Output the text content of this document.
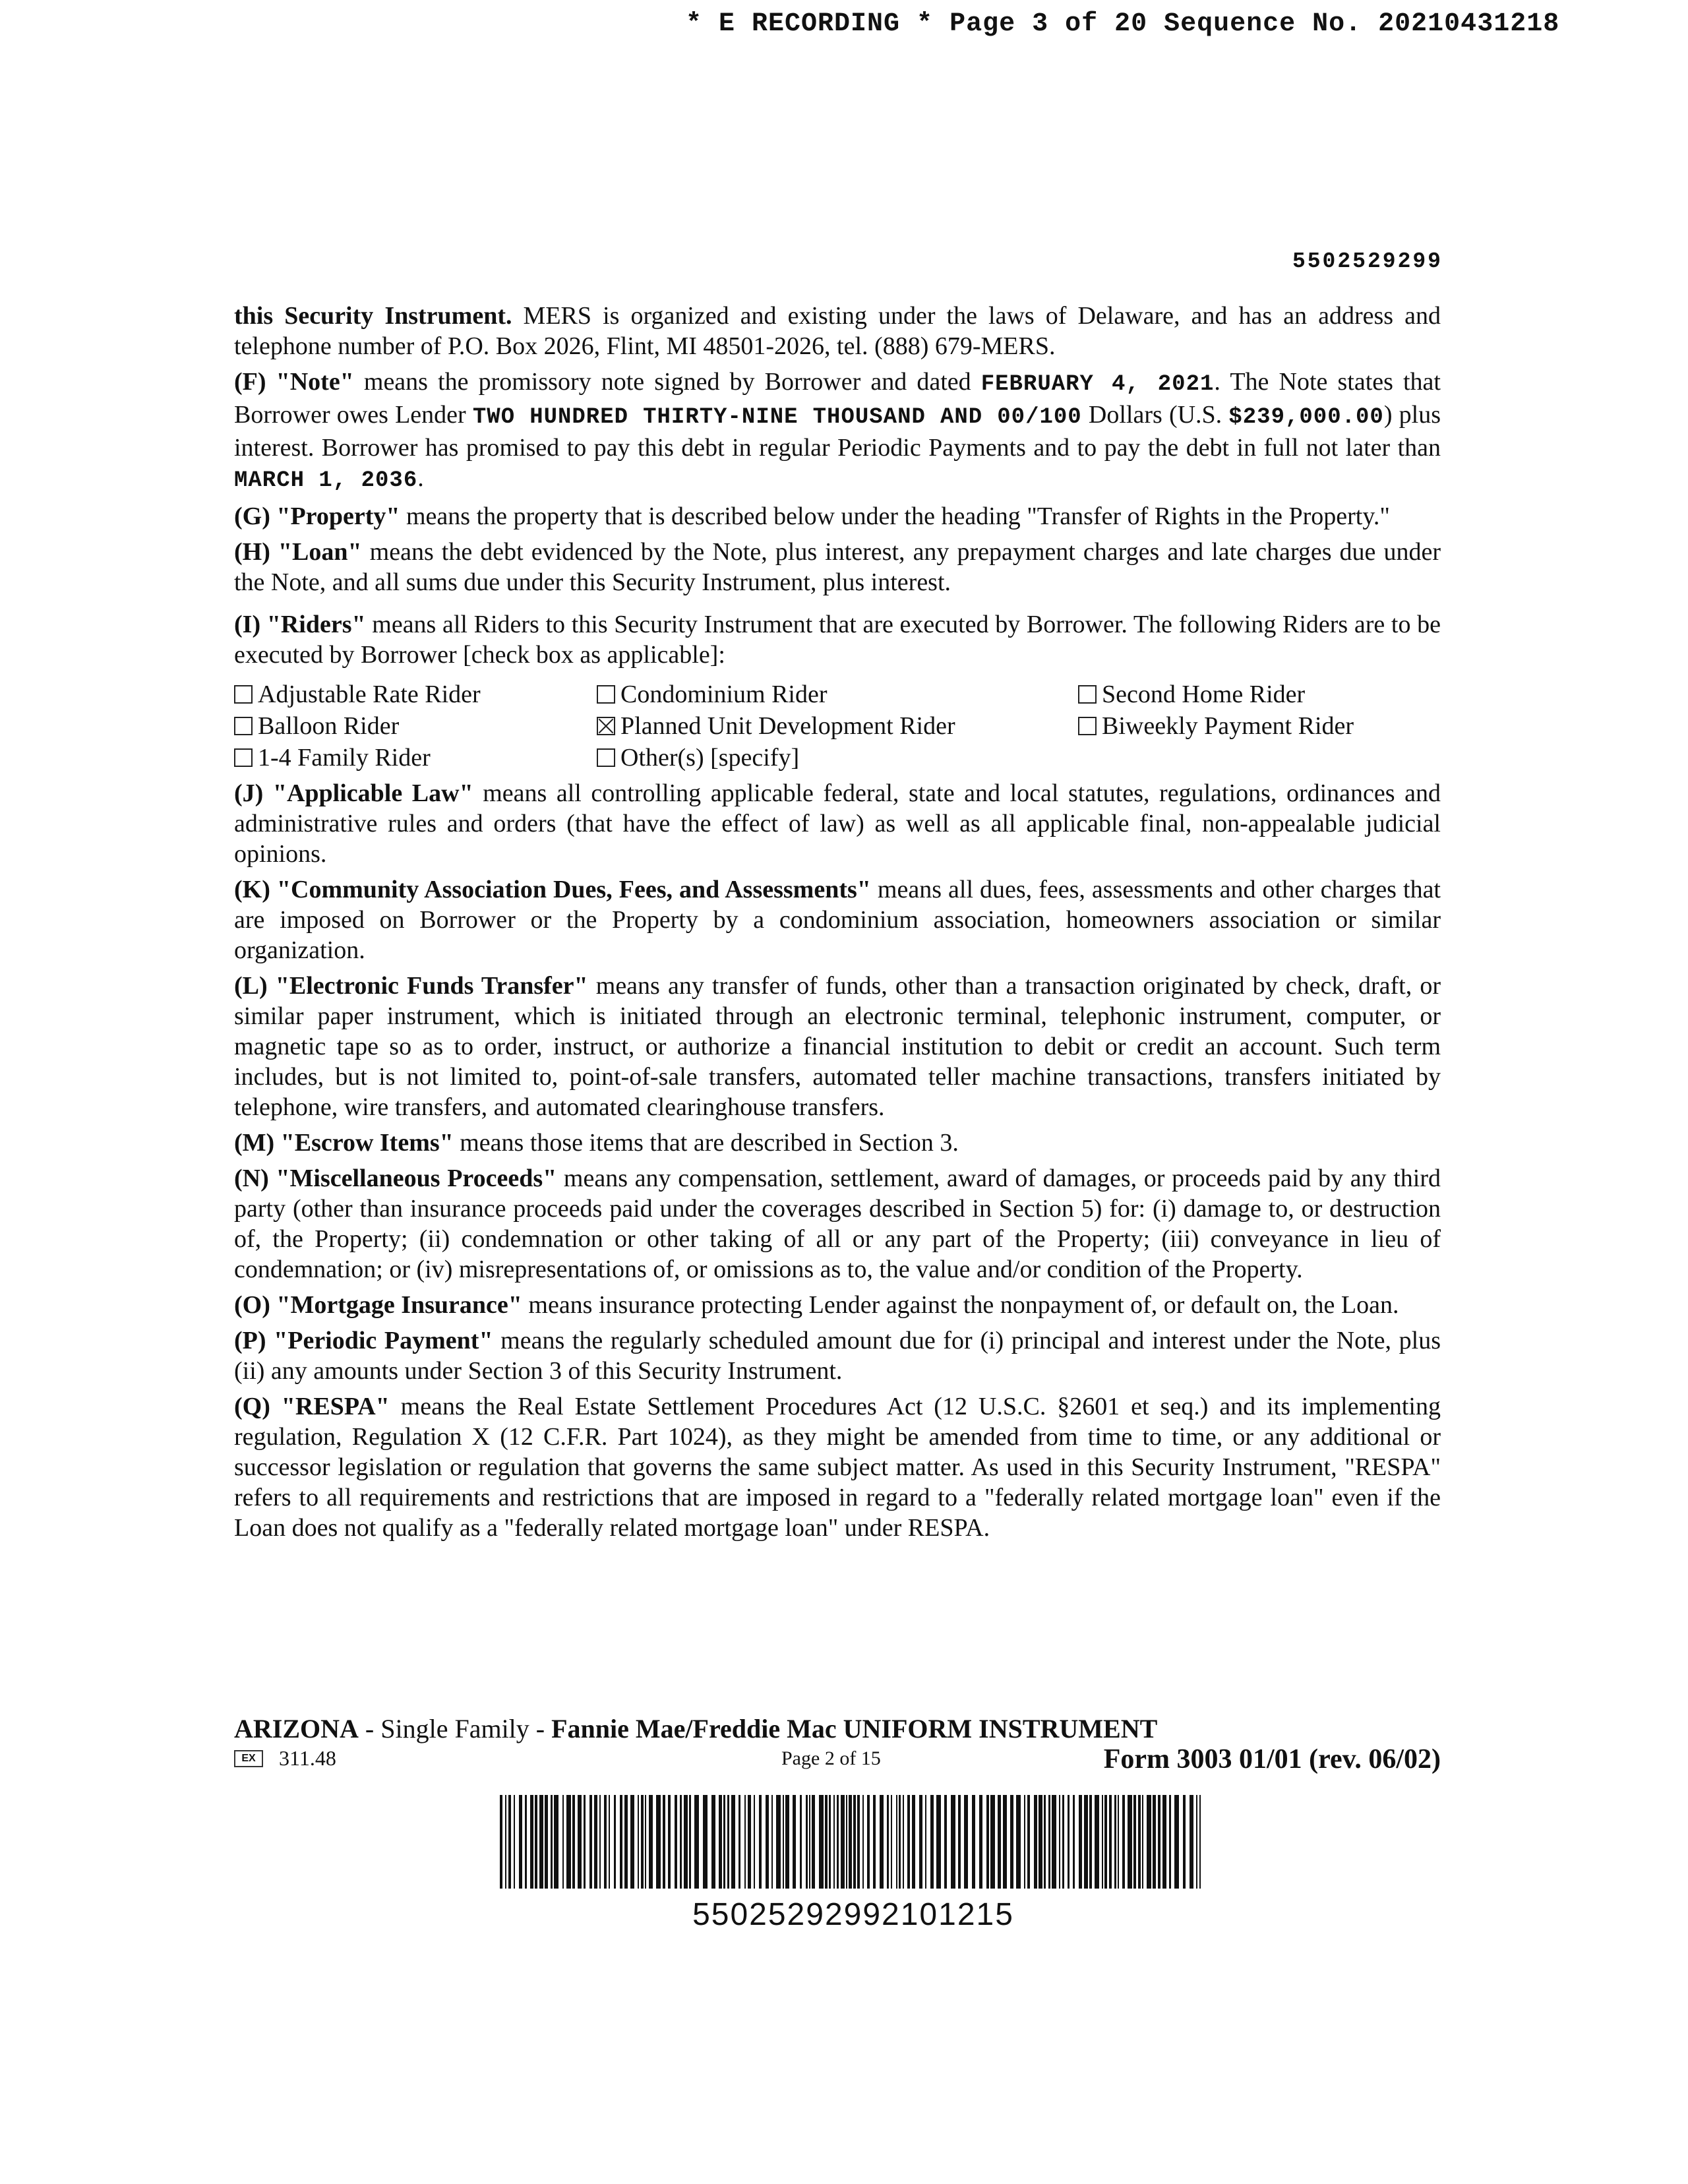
* E RECORDING * Page 3 of 20 Sequence No. 20210431218
5502529299

this Security Instrument. MERS is organized and existing under the laws of Delaware, and has an address and telephone number of P.O. Box 2026, Flint, MI 48501-2026, tel. (888) 679-MERS.

(F) "Note" means the promissory note signed by Borrower and dated FEBRUARY 4, 2021. The Note states that Borrower owes Lender TWO HUNDRED THIRTY-NINE THOUSAND AND 00/100 Dollars (U.S. $239,000.00) plus interest. Borrower has promised to pay this debt in regular Periodic Payments and to pay the debt in full not later than MARCH 1, 2036.

(G) "Property" means the property that is described below under the heading "Transfer of Rights in the Property."

(H) "Loan" means the debt evidenced by the Note, plus interest, any prepayment charges and late charges due under the Note, and all sums due under this Security Instrument, plus interest.

(I) "Riders" means all Riders to this Security Instrument that are executed by Borrower. The following Riders are to be executed by Borrower [check box as applicable]:

Adjustable Rate Rider	Condominium Rider	Second Home Rider
Balloon Rider	Planned Unit Development Rider	Biweekly Payment Rider
1-4 Family Rider	Other(s) [specify]

(J) "Applicable Law" means all controlling applicable federal, state and local statutes, regulations, ordinances and administrative rules and orders (that have the effect of law) as well as all applicable final, non-appealable judicial opinions.

(K) "Community Association Dues, Fees, and Assessments" means all dues, fees, assessments and other charges that are imposed on Borrower or the Property by a condominium association, homeowners association or similar organization.

(L) "Electronic Funds Transfer" means any transfer of funds, other than a transaction originated by check, draft, or similar paper instrument, which is initiated through an electronic terminal, telephonic instrument, computer, or magnetic tape so as to order, instruct, or authorize a financial institution to debit or credit an account. Such term includes, but is not limited to, point-of-sale transfers, automated teller machine transactions, transfers initiated by telephone, wire transfers, and automated clearinghouse transfers.

(M) "Escrow Items" means those items that are described in Section 3.

(N) "Miscellaneous Proceeds" means any compensation, settlement, award of damages, or proceeds paid by any third party (other than insurance proceeds paid under the coverages described in Section 5) for: (i) damage to, or destruction of, the Property; (ii) condemnation or other taking of all or any part of the Property; (iii) conveyance in lieu of condemnation; or (iv) misrepresentations of, or omissions as to, the value and/or condition of the Property.

(O) "Mortgage Insurance" means insurance protecting Lender against the nonpayment of, or default on, the Loan.

(P) "Periodic Payment" means the regularly scheduled amount due for (i) principal and interest under the Note, plus (ii) any amounts under Section 3 of this Security Instrument.

(Q) "RESPA" means the Real Estate Settlement Procedures Act (12 U.S.C. §2601 et seq.) and its implementing regulation, Regulation X (12 C.F.R. Part 1024), as they might be amended from time to time, or any additional or successor legislation or regulation that governs the same subject matter. As used in this Security Instrument, "RESPA" refers to all requirements and restrictions that are imposed in regard to a "federally related mortgage loan" even if the Loan does not qualify as a "federally related mortgage loan" under RESPA.

ARIZONA - Single Family - Fannie Mae/Freddie Mac UNIFORM INSTRUMENT
EX	311.48	Page 2 of 15	Form 3003 01/01 (rev. 06/02)
55025292992101215
